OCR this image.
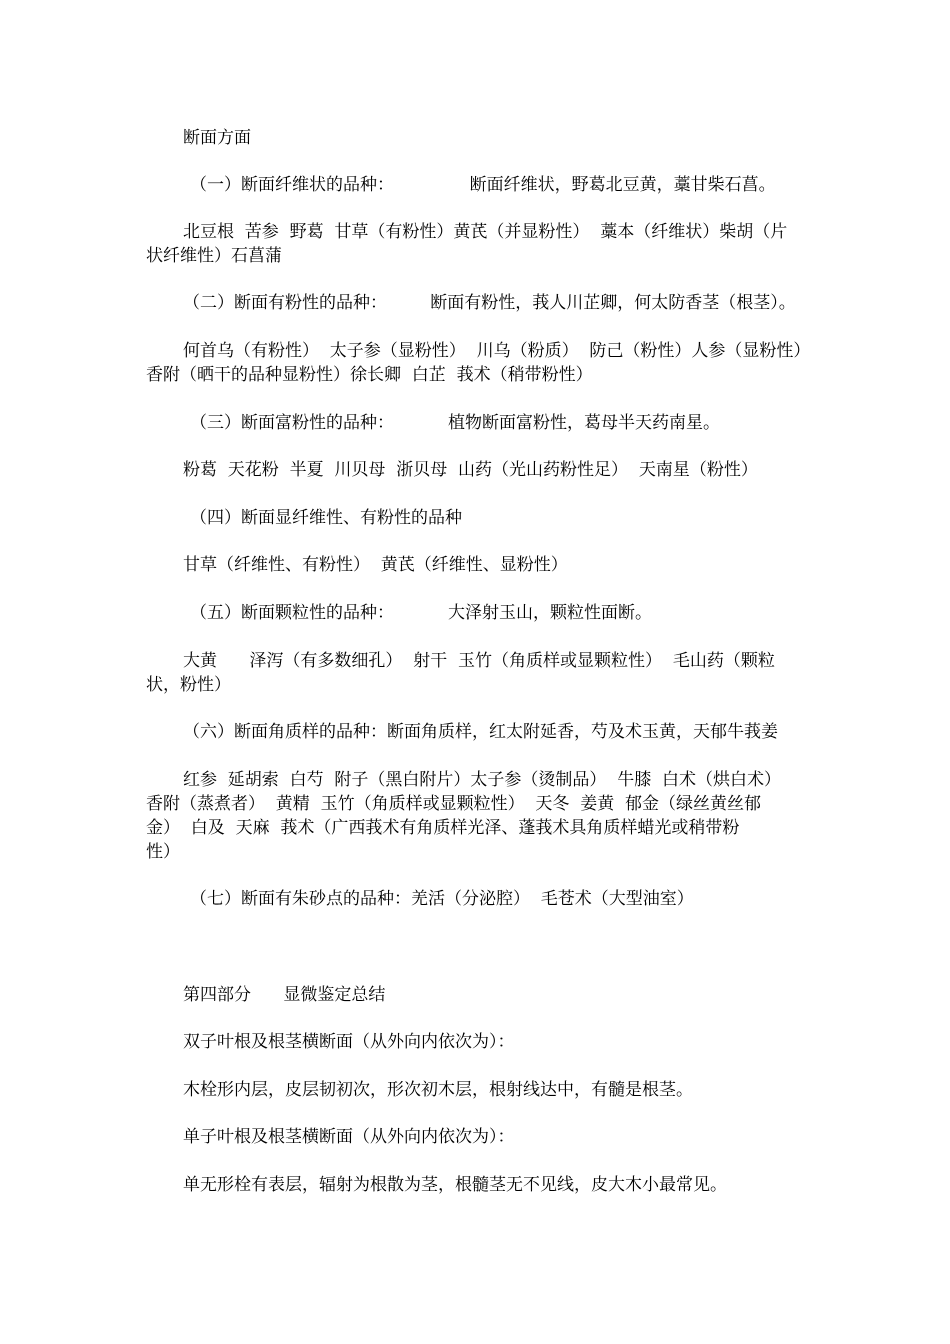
断面方面
（一）断面纤维状的品种：              断面纤维状，野葛北豆黄，藁甘柴石菖。
北豆根  苦参  野葛  甘草（有粉性）黄芪（并显粉性）  藁本（纤维状）柴胡（片
状纤维性）石菖蒲
（二）断面有粉性的品种：        断面有粉性，莪人川芷卿，何太防香茎（根茎）。
何首乌（有粉性）  太子参（显粉性）  川乌（粉质）  防己（粉性）人参（显粉性）
香附（晒干的品种显粉性）徐长卿  白芷  莪术（稍带粉性）
（三）断面富粉性的品种：          植物断面富粉性，葛母半天药南星。
粉葛  天花粉  半夏  川贝母  浙贝母  山药（光山药粉性足）  天南星（粉性）
（四）断面显纤维性、有粉性的品种
甘草（纤维性、有粉性）  黄芪（纤维性、显粉性）
（五）断面颗粒性的品种：          大泽射玉山，颗粒性面断。
大黄      泽泻（有多数细孔）  射干  玉竹（角质样或显颗粒性）  毛山药（颗粒
状，粉性）
（六）断面角质样的品种：断面角质样，红太附延香，芍及术玉黄，天郁牛莪姜
红参  延胡索  白芍  附子（黑白附片）太子参（烫制品）  牛膝  白术（烘白术）
香附（蒸煮者）  黄精  玉竹（角质样或显颗粒性）  天冬  姜黄  郁金（绿丝黄丝郁
金）  白及  天麻  莪术（广西莪术有角质样光泽、蓬莪术具角质样蜡光或稍带粉
性）
（七）断面有朱砂点的品种：羌活（分泌腔）  毛苍术（大型油室）
第四部分      显微鉴定总结
双子叶根及根茎横断面（从外向内依次为）：
木栓形内层，皮层韧初次，形次初木层，根射线达中，有髓是根茎。
单子叶根及根茎横断面（从外向内依次为）：
单无形栓有表层，辐射为根散为茎，根髓茎无不见线，皮大木小最常见。
